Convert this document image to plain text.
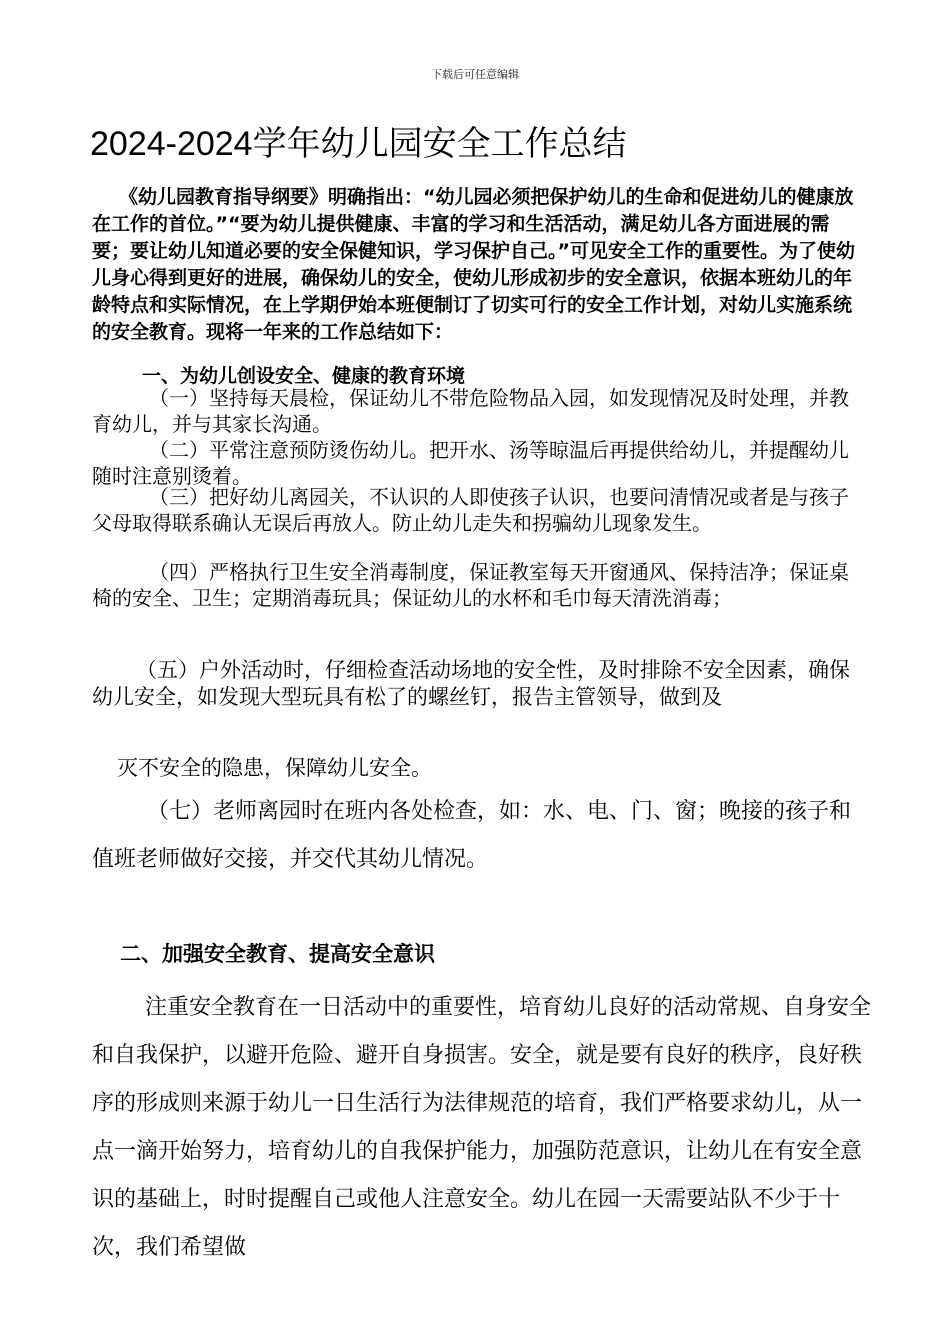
下载后可任意编辑
2024-2024学年幼儿园安全工作总结
《幼儿园教育指导纲要》明确指出：“幼儿园必须把保护幼儿的生命和促进幼儿的健康放在工作的首位。”“要为幼儿提供健康、丰富的学习和生活活动，满足幼儿各方面进展的需要；要让幼儿知道必要的安全保健知识，学习保护自己。”可见安全工作的重要性。为了使幼儿身心得到更好的进展，确保幼儿的安全，使幼儿形成初步的安全意识，依据本班幼儿的年龄特点和实际情况，在上学期伊始本班便制订了切实可行的安全工作计划，对幼儿实施系统的安全教育。现将一年来的工作总结如下：
一、为幼儿创设安全、健康的教育环境
（一）坚持每天晨检，保证幼儿不带危险物品入园，如发现情况及时处理，并教育幼儿，并与其家长沟通。
（二）平常注意预防烫伤幼儿。把开水、汤等晾温后再提供给幼儿，并提醒幼儿随时注意别烫着。
（三）把好幼儿离园关，不认识的人即使孩子认识，也要问清情况或者是与孩子父母取得联系确认无误后再放人。防止幼儿走失和拐骗幼儿现象发生。
（四）严格执行卫生安全消毒制度，保证教室每天开窗通风、保持洁净；保证桌椅的安全、卫生；定期消毒玩具；保证幼儿的水杯和毛巾每天清洗消毒；
（五）户外活动时，仔细检查活动场地的安全性，及时排除不安全因素，确保幼儿安全，如发现大型玩具有松了的螺丝钉，报告主管领导，做到及
灭不安全的隐患，保障幼儿安全。
（七）老师离园时在班内各处检查，如：水、电、门、窗；晚接的孩子和值班老师做好交接，并交代其幼儿情况。
二、加强安全教育、提高安全意识
注重安全教育在一日活动中的重要性，培育幼儿良好的活动常规、自身安全和自我保护，以避开危险、避开自身损害。安全，就是要有良好的秩序，良好秩序的形成则来源于幼儿一日生活行为法律规范的培育，我们严格要求幼儿，从一点一滴开始努力，培育幼儿的自我保护能力，加强防范意识，让幼儿在有安全意识的基础上，时时提醒自己或他人注意安全。幼儿在园一天需要站队不少于十次，我们希望做
